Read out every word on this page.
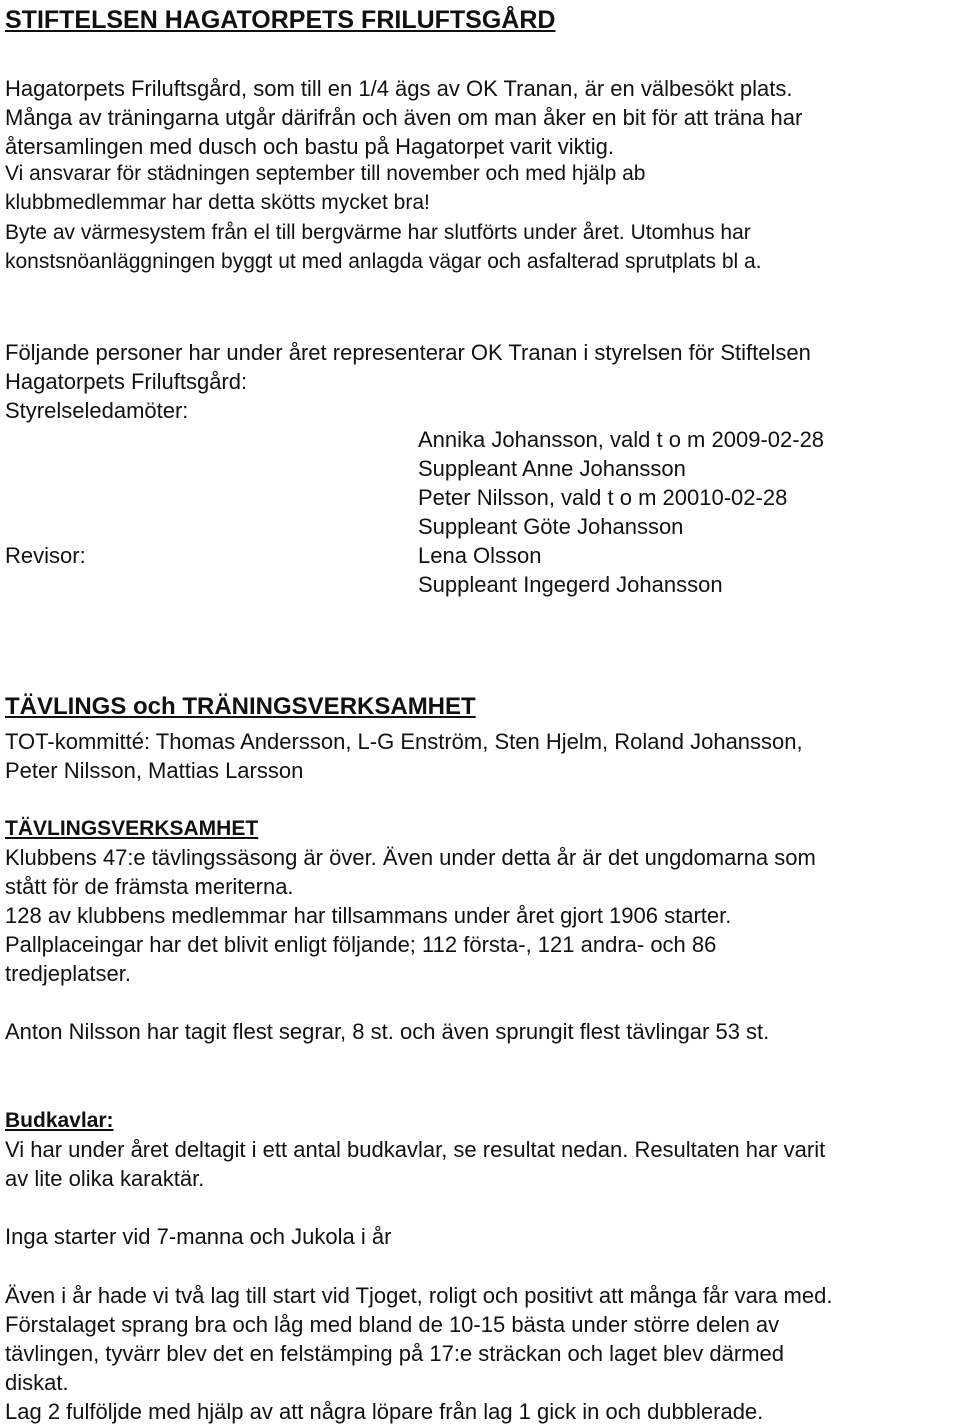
STIFTELSEN HAGATORPETS FRILUFTSGÅRD
Hagatorpets Friluftsgård, som till en 1/4 ägs av OK Tranan, är en välbesökt plats.
Många av träningarna utgår därifrån och även om man åker en bit för att träna har
återsamlingen med dusch och bastu på Hagatorpet varit viktig.
Vi ansvarar för städningen september till november och med hjälp ab
klubbmedlemmar har detta skötts mycket bra!
Byte av värmesystem från el till bergvärme har slutförts under året. Utomhus har
konstsnöanläggningen byggt ut med anlagda vägar och asfalterad sprutplats bl a.
Följande personer har under året representerar OK Tranan i styrelsen för Stiftelsen
Hagatorpets Friluftsgård:
Styrelseledamöter:
Annika Johansson, vald t o m 2009-02-28
Suppleant Anne Johansson
Peter Nilsson, vald t o m 20010-02-28
Suppleant Göte Johansson
Revisor:	Lena Olsson
Suppleant Ingegerd Johansson
TÄVLINGS och TRÄNINGSVERKSAMHET
TOT-kommitté: Thomas Andersson, L-G Enström, Sten Hjelm, Roland Johansson,
Peter Nilsson, Mattias Larsson
TÄVLINGSVERKSAMHET
Klubbens 47:e tävlingssäsong är över. Även under detta år är det ungdomarna som
stått för de främsta meriterna.
128 av klubbens medlemmar har tillsammans under året gjort 1906 starter.
Pallplaceingar har det blivit enligt följande; 112 första-, 121 andra- och 86
tredjeplatser.
Anton Nilsson har tagit flest segrar, 8 st. och även sprungit flest tävlingar 53 st.
Budkavlar:
Vi har under året deltagit i ett antal budkavlar, se resultat nedan. Resultaten har varit
av lite olika karaktär.
Inga starter vid 7-manna och Jukola i år
Även i år hade vi två lag till start vid Tjoget, roligt och positivt att många får vara med.
Förstalaget sprang bra och låg med bland de 10-15 bästa under större delen av
tävlingen, tyvärr blev det en felstämping på 17:e sträckan och laget blev därmed
diskat.
Lag 2 fulföljde med hjälp av att några löpare från lag 1 gick in och dubblerade.
